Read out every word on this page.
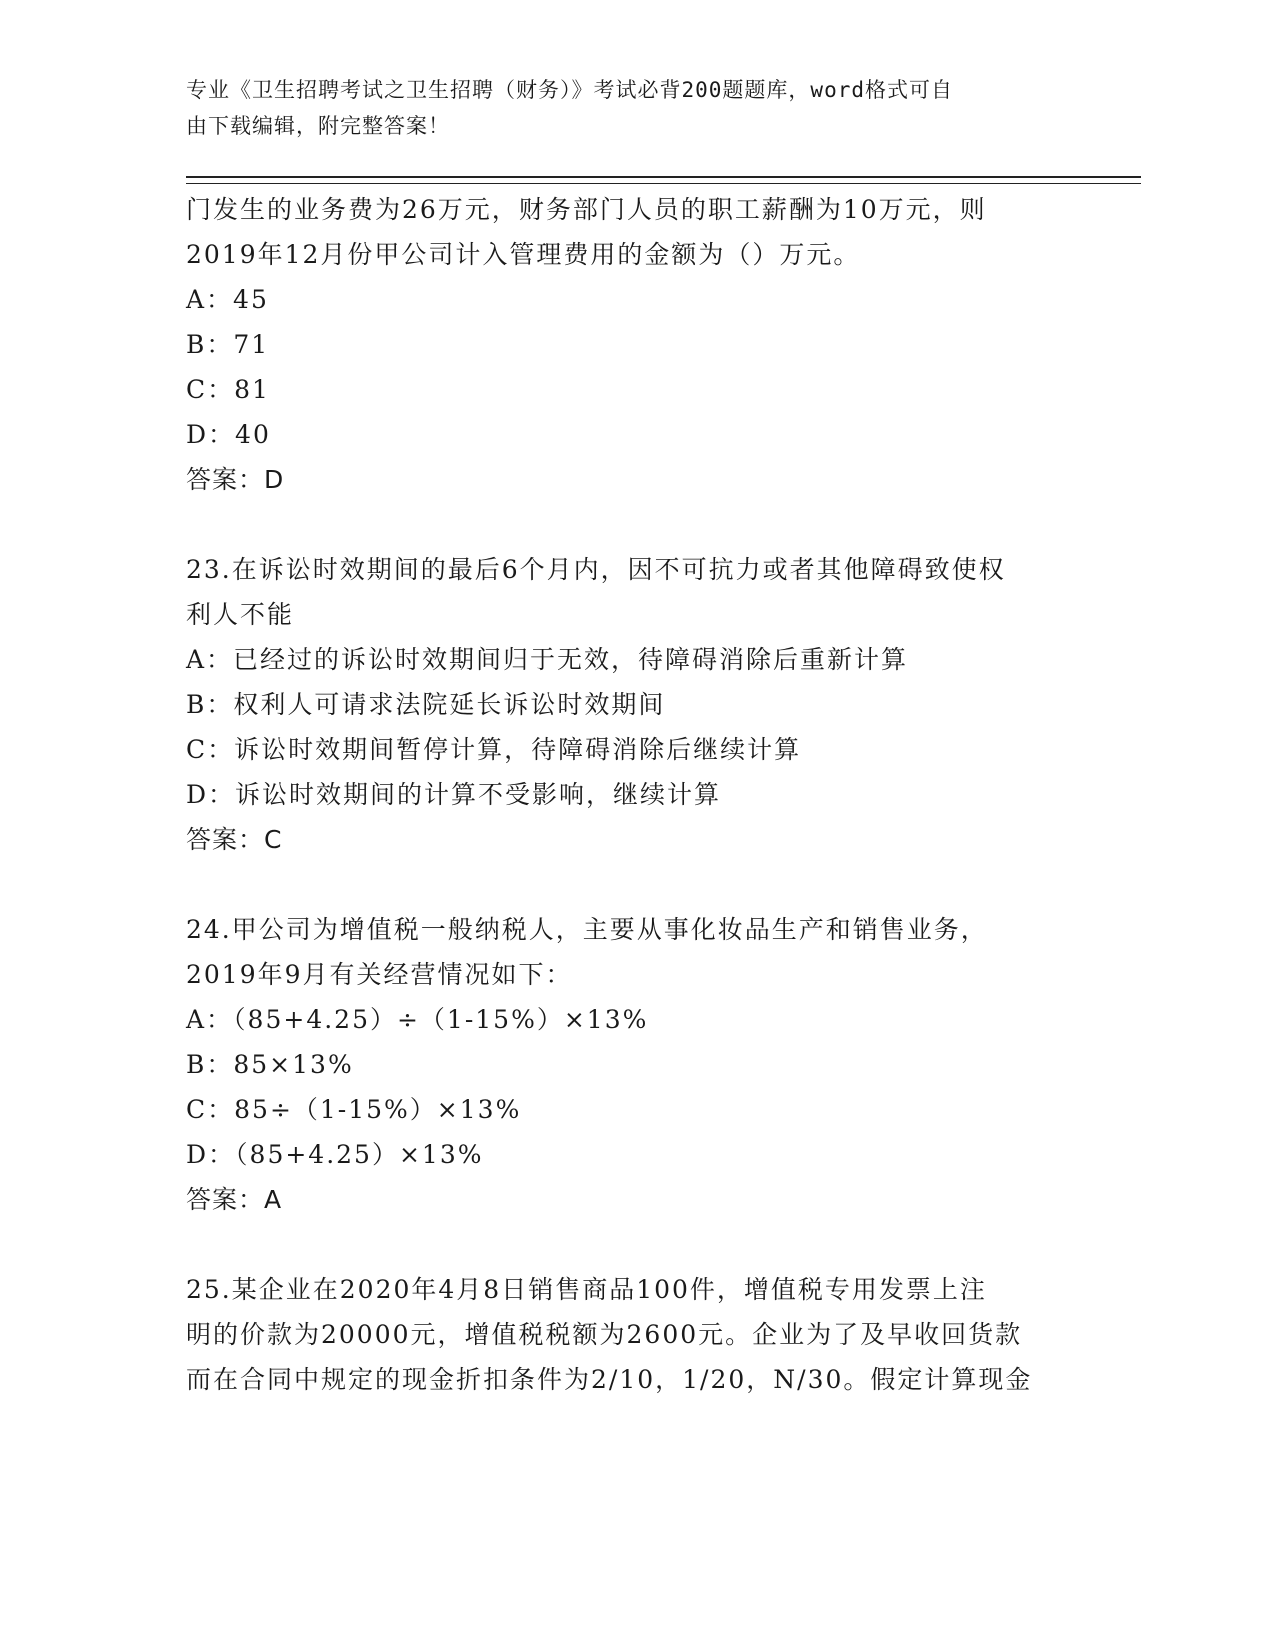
专业《卫生招聘考试之卫生招聘（财务）》考试必背200题题库，word格式可自
由下载编辑，附完整答案！
门发生的业务费为26万元，财务部门人员的职工薪酬为10万元，则
2019年12月份甲公司计入管理费用的金额为（）万元。
A：45
B：71
C：81
D：40
答案：D
23.在诉讼时效期间的最后6个月内，因不可抗力或者其他障碍致使权
利人不能
A：已经过的诉讼时效期间归于无效，待障碍消除后重新计算
B：权利人可请求法院延长诉讼时效期间
C：诉讼时效期间暂停计算，待障碍消除后继续计算
D：诉讼时效期间的计算不受影响，继续计算
答案：C
24.甲公司为增值税一般纳税人，主要从事化妆品生产和销售业务，
2019年9月有关经营情况如下：
A：（85+4.25）÷（1-15%）×13%
B：85×13%
C：85÷（1-15%）×13%
D：（85+4.25）×13%
答案：A
25.某企业在2020年4月8日销售商品100件，增值税专用发票上注
明的价款为20000元，增值税税额为2600元。企业为了及早收回货款
而在合同中规定的现金折扣条件为2/10，1/20，N/30。假定计算现金
